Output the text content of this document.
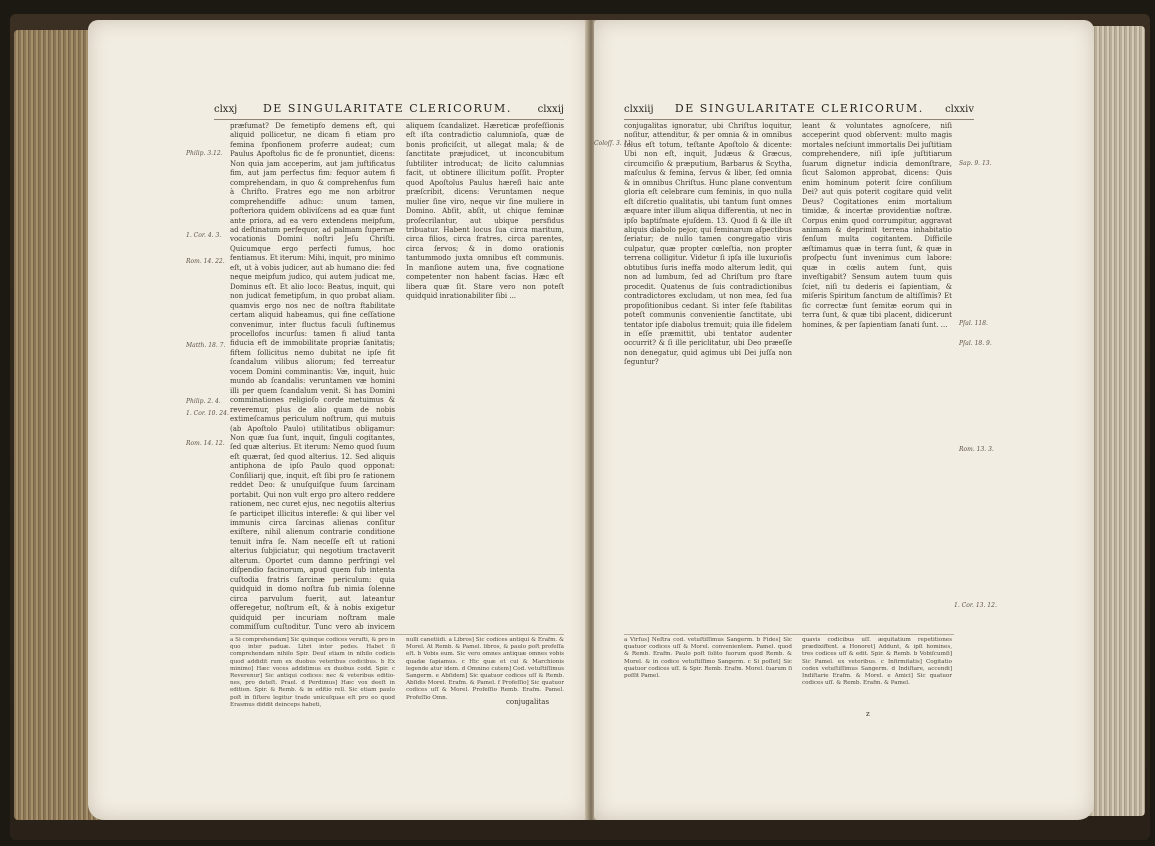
clxxj DE SINGULARITATE CLERICORUM.	clxxij
Philip. 3.12.
1. Cor. 4. 3.
Rom. 14. 22.
Matth. 18. 7.
Philip. 2. 4.
1. Cor. 10. 24.
Rom. 14. 12.
præfumat? De femetipfo demens eft, qui aliquid pollicetur, ne dicam fi etiam pro femina fponfionem proferre audeat; cum Paulus Apoftolus fic de fe pronuntiet, dicens: Non quia jam acceperim, aut jam juftificatus fim, aut jam perfectus fim: fequor autem fi comprehendam, in quo & comprehenfus fum à Chrifto. Fratres ego me non arbitror comprehendiffe adhuc: unum tamen, pofteriora quidem obliviſcens ad ea quæ funt ante priora, ad ea vero extendens meipfum, ad deſtinatum perfequor, ad palmam ſupernæ vocationis Domini noſtri Jeſu Chriſti. Quicumque ergo perfecti fumus, hoc fentiamus. Et iterum: Mihi, inquit, pro minimo eſt, ut à vobis judicer, aut ab humano die: fed neque meipfum judico, qui autem judicat me, Dominus eſt. Et alio loco: Beatus, inquit, qui non judicat femetipſum, in quo probat aliam. quamvis ergo nos nec de noſtra ftabilitate certam aliquid habeamus, qui fine ceſſatione convenimur, inter fluctus faculi ſuſtinemus procellofos incurſus: tamen fi aliud tanta fiducia eft de immobilitate propriæ ſanitatis; fiftem ſollicitus nemo dubitat ne ipſe fit ſcandalum vilibus aliorum; fed terreatur vocem Domini comminantis: Væ, inquit, huic mundo ab ſcandalis: veruntamen væ homini illi per quem ſcandalum venit. Si has Domini comminationes religioſo corde metuimus & reveremur, plus de alio quam de nobis extimeſcamus periculum noſtrum, qui mutuis (ab Apoſtolo Paulo) utilitatibus obligamur: Non quæ ſua ſunt, inquit, ſinguli cogitantes, ſed quæ alterius. Et iterum: Nemo quod ſuum eſt quærat, ſed quod alterius. 12. Sed aliquis antiphona de ipſo Paulo quod opponat: Conſiliarij que, inquit, eſt ſibi pro ſe rationem reddet Deo: & unuſquiſque ſuum ſarcinam portabit. Qui non vult ergo pro altero reddere rationem, nec curet ejus, nec negotiis alterius ſe participet illicitus interefle: & qui liber vel immunis circa ſarcinas alienas conſitur exiſtere, nihil alienum contrarie conditione tenuit infra ſe. Nam neceſſe eſt ut rationi alterius ſubjiciatur, qui negotium tractaverit alterum. Oportet cum damno perfringi vel diſpendio facinorum, apud quem fub intenta cuſtodia fratris ſarcinæ periculum: quia quidquid in domo noſtra ſub nimia ſolenne circa parvulum fuerit, aut lateantur offeregetur, noſtrum eſt, & à nobis exigetur quidquid per incuriam noſtram male commiſſum cuſtoditur. Tunc vero ab invicem
aliquem ſcandalizet. Hæreticæ profeſſionis eſt iſta contradictio calumnioſa, quæ de bonis proficiſcit, ut allegat mala; & de ſanctitate præjudicet, ut inconcubitum ſubtiliter introducat; de licito calumnias facit, ut obtinere illicitum poſſit. Propter quod Apoſtolus Paulus hæreſi haic ante præſcribit, dicens: Veruntamen neque mulier ſine viro, neque vir ſine muliere in Domino. Abſit, abſit, ut chique feminæ proſecrilantur, aut ubique persfidus tribuatur. Habent locus ſua circa maritum, circa filios, circa fratres, circa parentes, circa ſervos; & in domo orationis tantummodo juxta omnibus eſt communis. In manſione autem una, five cognatione competenter non habent facias. Hæc eſt libera quæ ſit. Stare vero non poteſt quidquid inrationabiliter ſibi ...
a Si comprehendam] Sic quinque codices verufti, & pro in quo inter paduæ. Libri inter pedes. Habet ſi comprehendam nihilo Spir. Deuſ etiam in nihilo codicis quod addidit rum ex duobus veteribus codicibus. b Ex minimo] Hæc voces addidimus ex duobus codd. Spir. c Reverenur] Sic antiqui codices: nec & veteribus editio-nes, pro deteſt. Prael. d Perdimus] Hæc vox deeſt in edition. Spir. & Remb. & in editio rell. Sic etiam paulo poſt in ſiſtere legitur trade unicuſquae eſt pro eo quod Erasmus diddit deinceps habeti,
nulli canetiidi. a Libros] Sic codices antiqui & Erafm. & Morel. At Remb. & Pamel. libros, & paulo poſt profeſſa eſt. b Vobis eum. Sic vero omnes antiquæ omnes vobis quadæ ſapiamus. c Hic quæ et cui & Marchionis legende atur idem. d Omnino cutem] Cod. vetuſtiſſimus Sangerm. e Abſidem] Sic quatuor codices uſſ & Remb. Abſidis Morel. Erafm. & Pamel. f Profeſſio] Sic quatuor codices uſſ & Morel. Profeſſio Remb. Erafm. Pamel. Profeſſio Omn.
conjugalitas
clxxiij DE SINGULARITATE CLERICORUM. clxxiv
Coloſſ. 3. 11.
Sap. 9. 13.
Pſal. 118.
Pſal. 18. 9.
Rom. 13. 3.
1. Cor. 13. 12.
conjugalitas ignoratur, ubi Chriſtus loquitur, noſitur, attenditur, & per omnia & in omnibus ſolus eſt totum, teſtante Apoſtolo & dicente: Ubi non eſt, inquit, Judæus & Græcus, circumciſio & præputium, Barbarus & Scytha, maſculus & femina, ſervus & liber, ſed omnia & in omnibus Chriſtus. Hunc plane conventum gloria eſt celebrare cum feminis, in quo nulla eſt diſcretio qualitatis, ubi tantum ſunt omnes æquare inter illum aliqua differentia, ut nec in ipſo baptiſmate ejuſdem. 13. Quod ſi & ille iſt aliquis diabolo pejor, qui feminarum aſpectibus ſeriatur; de nullo tamen congregatio viris culpatur, quæ propter cœleſtia, non propter terrena colligitur. Videtur ſi ipſa ille luxurioſis obtutibus ſuris ineffa modo alterum ledit, qui non ad lumbum, ſed ad Chriſtum pro ſtare procedit. Quatenus de ſuis contradictionibus contradictores excludam, ut non mea, ſed ſua propoſitionibus cedant. Si inter ſeſe ſtabilitas poteſt communis convenientie ſanctitate, ubi tentator ipſe diabolus tremuit; quia ille fidelem in eſſe præmittit, ubi tentator audenter occurrit? & ſi ille periclitatur, ubi Deo præeſſe non denegatur, quid agimus ubi Dei juſſa non ſeguntur?
leant & voluntates agnoſcere, niſi acceperint quod obſervent: multo magis mortales neſciunt immortalis Dei juſtitiam comprehendere, niſi ipſe juſtitiarum ſuarum dignetur indicia demonſtrare, ſicut Salomon approbat, dicens: Quis enim hominum poterit ſcire conſilium Dei? aut quis poterit cogitare quid velit Deus? Cogitationes enim mortalium timidæ, & incertæ providentiæ noſtræ. Corpus enim quod corrumpitur, aggravat animam & deprimit terrena inhabitatio ſenſum multa cogitantem. Difficile æſtimamus quæ in terra ſunt, & quæ in proſpectu ſunt invenimus cum labore: quæ in cœlis autem ſunt, quis inveſtigabit? Sensum autem tuum quis ſciet, niſi tu dederis ei ſapientiam, & miſeris Spiritum ſanctum de altiſſimis? Et ſic correctæ ſunt ſemitæ eorum qui in terra ſunt, & quæ tibi placent, didicerunt homines, & per ſapientiam ſanati ſunt. ...
a Virſus] Neſtra cod. vetuſtiſſimus Sangerm. b Fides] Sic quatuor codices uſſ & Morel. convenientem. Pamel. quod & Remb. Erafm. Paulo poſt ſolito ſuorum quod Remb. & Morel. & in codice vetuſtiſſimo Sangerm. c Si poſſet] Sic quatuor codices uſſ. & Spir. Remb. Erafm. Morel. ſuarum ſi poſſit Pamel.
quavis codicibus uſſ. æquitatium repetitiones prædixiffent. a Honoret] Addunt, & ipſi homines, tres codices uſſ & edit. Spir. & Remb. b Vobiſcumſi] Sic Pamel. ex veteribus. c Infirmitatis] Cogitatio codex vetuſtiſſimus Sangerm. d Indiſtare, accendi] Indiſtarie Erafm. & Morel. e Amici] Sic quatuor codices uſſ. & Remb. Erafm. & Pamel.
z
